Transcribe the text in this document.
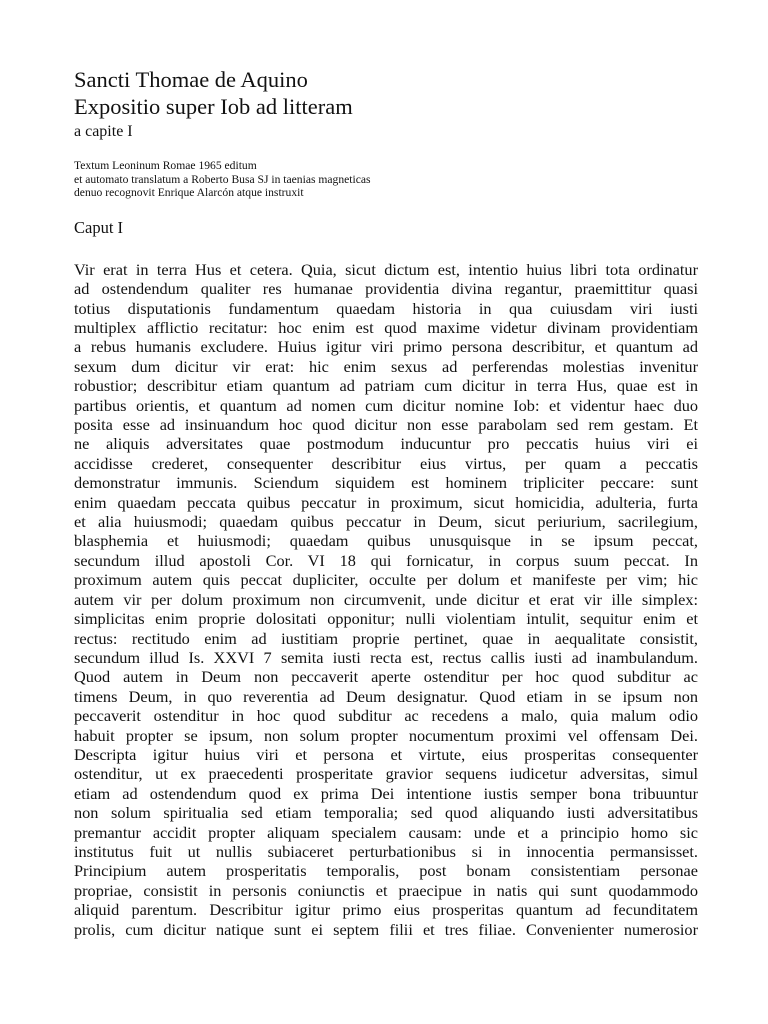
Sancti Thomae de Aquino
Expositio super Iob ad litteram
a capite I
Textum Leoninum Romae 1965 editum
et automato translatum a Roberto Busa SJ in taenias magneticas
denuo recognovit Enrique Alarcón atque instruxit
Caput I
Vir erat in terra Hus et cetera. Quia, sicut dictum est, intentio huius libri tota ordinatur
ad ostendendum qualiter res humanae providentia divina regantur, praemittitur quasi
totius disputationis fundamentum quaedam historia in qua cuiusdam viri iusti
multiplex afflictio recitatur: hoc enim est quod maxime videtur divinam providentiam
a rebus humanis excludere. Huius igitur viri primo persona describitur, et quantum ad
sexum dum dicitur vir erat: hic enim sexus ad perferendas molestias invenitur
robustior; describitur etiam quantum ad patriam cum dicitur in terra Hus, quae est in
partibus orientis, et quantum ad nomen cum dicitur nomine Iob: et videntur haec duo
posita esse ad insinuandum hoc quod dicitur non esse parabolam sed rem gestam. Et
ne aliquis adversitates quae postmodum inducuntur pro peccatis huius viri ei
accidisse crederet, consequenter describitur eius virtus, per quam a peccatis
demonstratur immunis. Sciendum siquidem est hominem tripliciter peccare: sunt
enim quaedam peccata quibus peccatur in proximum, sicut homicidia, adulteria, furta
et alia huiusmodi; quaedam quibus peccatur in Deum, sicut periurium, sacrilegium,
blasphemia et huiusmodi; quaedam quibus unusquisque in se ipsum peccat,
secundum illud apostoli Cor. VI 18 qui fornicatur, in corpus suum peccat. In
proximum autem quis peccat dupliciter, occulte per dolum et manifeste per vim; hic
autem vir per dolum proximum non circumvenit, unde dicitur et erat vir ille simplex:
simplicitas enim proprie dolositati opponitur; nulli violentiam intulit, sequitur enim et
rectus: rectitudo enim ad iustitiam proprie pertinet, quae in aequalitate consistit,
secundum illud Is. XXVI 7 semita iusti recta est, rectus callis iusti ad inambulandum.
Quod autem in Deum non peccaverit aperte ostenditur per hoc quod subditur ac
timens Deum, in quo reverentia ad Deum designatur. Quod etiam in se ipsum non
peccaverit ostenditur in hoc quod subditur ac recedens a malo, quia malum odio
habuit propter se ipsum, non solum propter nocumentum proximi vel offensam Dei.
Descripta igitur huius viri et persona et virtute, eius prosperitas consequenter
ostenditur, ut ex praecedenti prosperitate gravior sequens iudicetur adversitas, simul
etiam ad ostendendum quod ex prima Dei intentione iustis semper bona tribuuntur
non solum spiritualia sed etiam temporalia; sed quod aliquando iusti adversitatibus
premantur accidit propter aliquam specialem causam: unde et a principio homo sic
institutus fuit ut nullis subiaceret perturbationibus si in innocentia permansisset.
Principium autem prosperitatis temporalis, post bonam consistentiam personae
propriae, consistit in personis coniunctis et praecipue in natis qui sunt quodammodo
aliquid parentum. Describitur igitur primo eius prosperitas quantum ad fecunditatem
prolis, cum dicitur natique sunt ei septem filii et tres filiae. Convenienter numerosior
